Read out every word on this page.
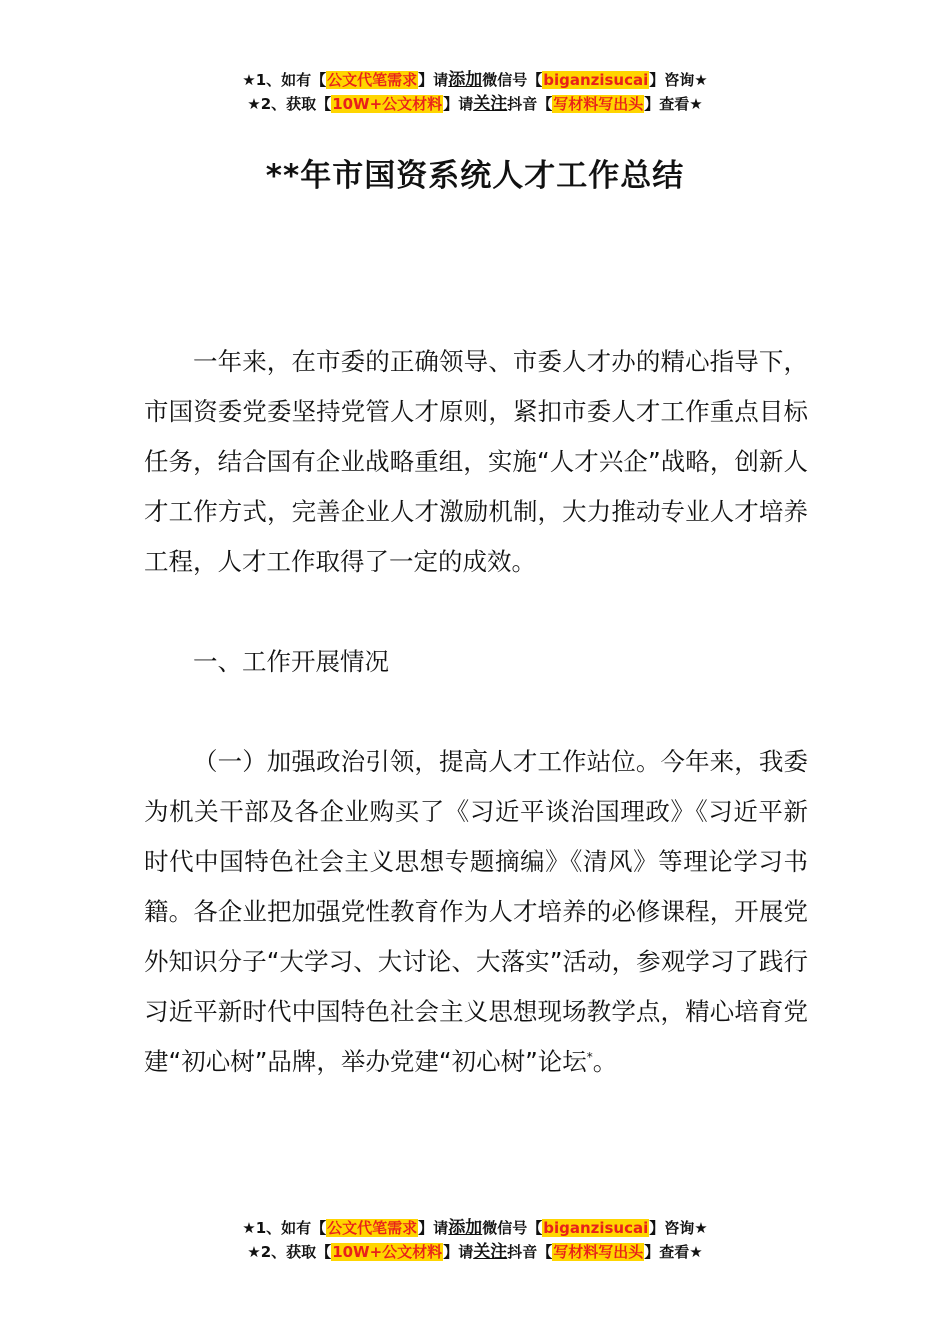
★1、如有【公文代笔需求】请添加微信号【biganzisucai】咨询★
★2、获取【10W+公文材料】请关注抖音【写材料写出头】查看★
**年市国资系统人才工作总结

一年来，在市委的正确领导、市委人才办的精心指导下，市国资委党委坚持党管人才原则，紧扣市委人才工作重点目标任务，结合国有企业战略重组，实施“人才兴企”战略，创新人才工作方式，完善企业人才激励机制，大力推动专业人才培养工程，人才工作取得了一定的成效。

一、工作开展情况

（一）加强政治引领，提高人才工作站位。今年来，我委为机关干部及各企业购买了《习近平谈治国理政》《习近平新时代中国特色社会主义思想专题摘编》《清风》等理论学习书籍。各企业把加强党性教育作为人才培养的必修课程，开展党外知识分子“大学习、大讨论、大落实”活动，参观学习了践行习近平新时代中国特色社会主义思想现场教学点，精心培育党建“初心树”品牌，举办党建“初心树”论坛*。

★1、如有【公文代笔需求】请添加微信号【biganzisucai】咨询★
★2、获取【10W+公文材料】请关注抖音【写材料写出头】查看★
